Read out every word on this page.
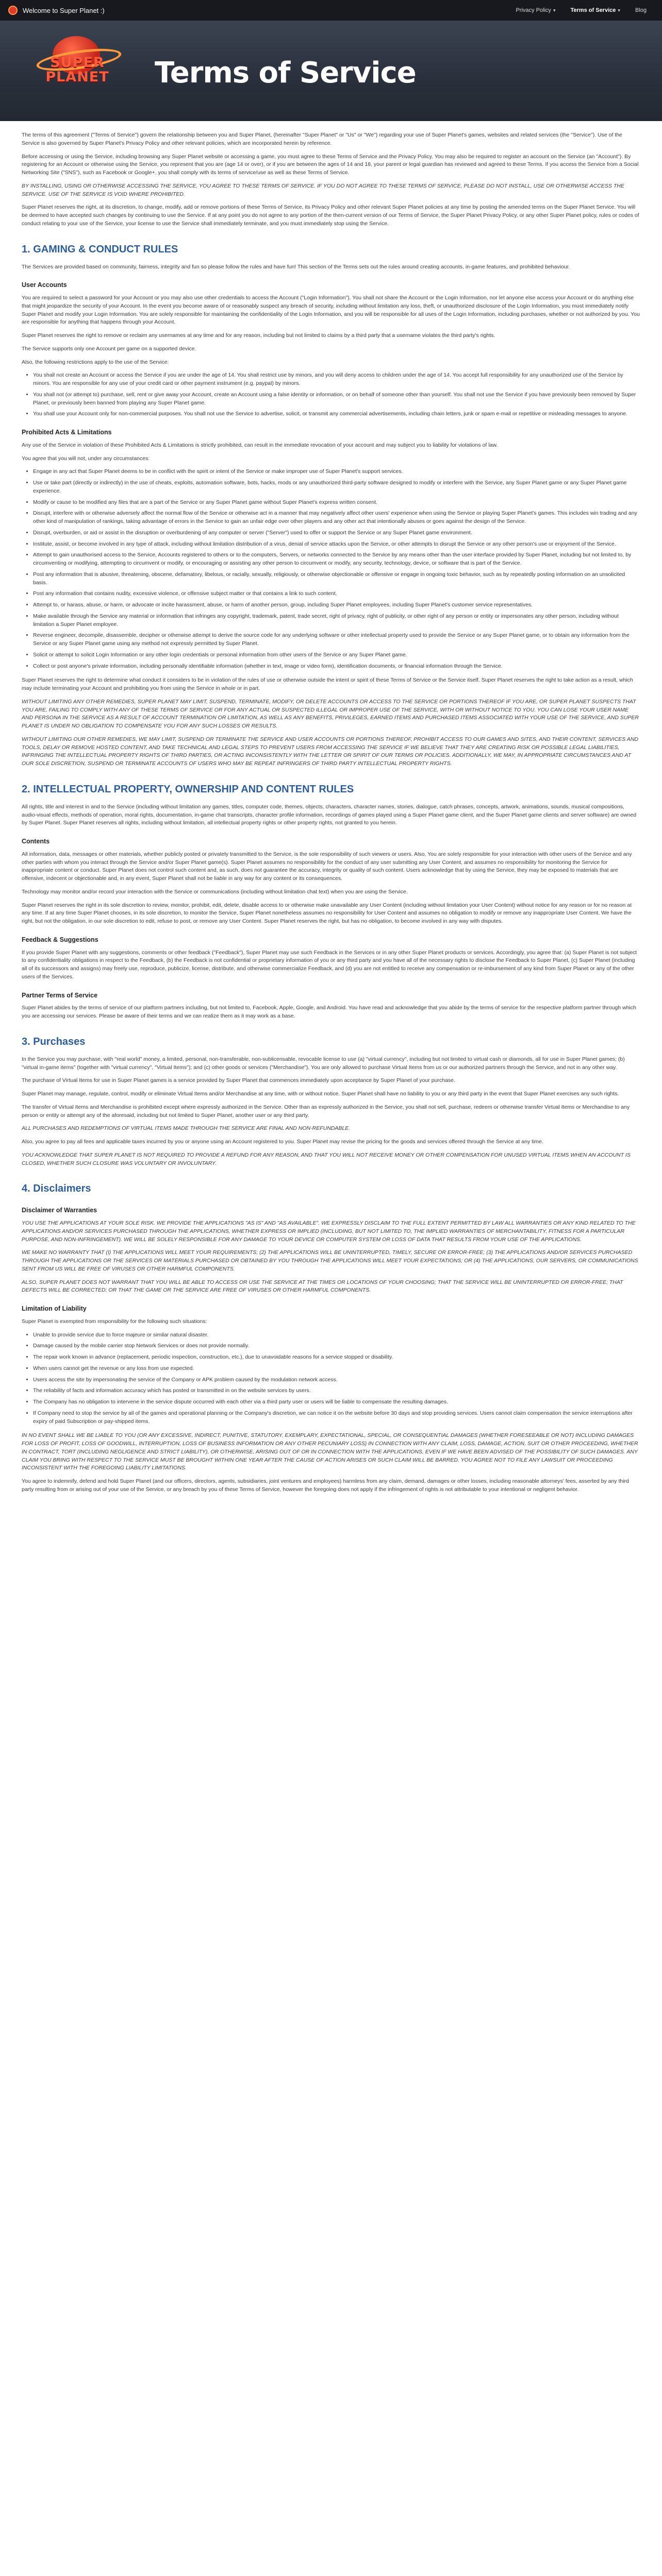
Welcome to Super Planet :)	Privacy Policy ▾	Terms of Service ▾	Blog
SUPER
PLANET	Terms of Service

The terms of this agreement ("Terms of Service") govern the relationship between you and Super Planet, (hereinafter "Super Planet" or "Us" or "We") regarding your use of Super Planet's games, websites and related services (the "Service"). Use of the Service is also governed by Super Planet's Privacy Policy and other relevant policies, which are incorporated herein by reference.

Before accessing or using the Service, including browsing any Super Planet website or accessing a game, you must agree to these Terms of Service and the Privacy Policy. You may also be required to register an account on the Service (an "Account"). By registering for an Account or otherwise using the Service, you represent that you are (age 14 or over), or if you are between the ages of 14 and 18, your parent or legal guardian has reviewed and agreed to these Terms. If you access the Service from a Social Networking Site ("SNS"), such as Facebook or Google+, you shall comply with its terms of service/use as well as these Terms of Service.

BY INSTALLING, USING OR OTHERWISE ACCESSING THE SERVICE, YOU AGREE TO THESE TERMS OF SERVICE. IF YOU DO NOT AGREE TO THESE TERMS OF SERVICE, PLEASE DO NOT INSTALL, USE OR OTHERWISE ACCESS THE SERVICE. USE OF THE SERVICE IS VOID WHERE PROHIBITED.

Super Planet reserves the right, at its discretion, to change, modify, add or remove portions of these Terms of Service, its Privacy Policy and other relevant Super Planet policies at any time by posting the amended terms on the Super Planet Service. You will be deemed to have accepted such changes by continuing to use the Service. If at any point you do not agree to any portion of the then-current version of our Terms of Service, the Super Planet Privacy Policy, or any other Super Planet policy, rules or codes of conduct relating to your use of the Service, your license to use the Service shall immediately terminate, and you must immediately stop using the Service.

1. GAMING & CONDUCT RULES

The Services are provided based on community, fairness, integrity and fun so please follow the rules and have fun! This section of the Terms sets out the rules around creating accounts, in-game features, and prohibited behaviour.

User Accounts

You are required to select a password for your Account or you may also use other credentials to access the Account ("Login Information"). You shall not share the Account or the Login Information, nor let anyone else access your Account or do anything else that might jeopardize the security of your Account. In the event you become aware of or reasonably suspect any breach of security, including without limitation any loss, theft, or unauthorized disclosure of the Login Information, you must immediately notify Super Planet and modify your Login Information. You are solely responsible for maintaining the confidentiality of the Login Information, and you will be responsible for all uses of the Login Information, including purchases, whether or not authorized by you. You are responsible for anything that happens through your Account.

Super Planet reserves the right to remove or reclaim any usernames at any time and for any reason, including but not limited to claims by a third party that a username violates the third party's rights.

The Service supports only one Account per game on a supported device.

Also, the following restrictions apply to the use of the Service:

• You shall not create an Account or access the Service if you are under the age of 14. You shall restrict use by minors, and you will deny access to children under the age of 14. You accept full responsibility for any unauthorized use of the Service by minors. You are responsible for any use of your credit card or other payment instrument (e.g. paypal) by minors.
• You shall not (or attempt to) purchase, sell, rent or give away your Account, create an Account using a false identity or information, or on behalf of someone other than yourself. You shall not use the Service if you have previously been removed by Super Planet, or previously been banned from playing any Super Planet game.
• You shall use your Account only for non-commercial purposes. You shall not use the Service to advertise, solicit, or transmit any commercial advertisements, including chain letters, junk or spam e-mail or repetitive or misleading messages to anyone.
Prohibited Acts & Limitations

Any use of the Service in violation of these Prohibited Acts & Limitations is strictly prohibited, can result in the immediate revocation of your account and may subject you to liability for violations of law.

You agree that you will not, under any circumstances:

• Engage in any act that Super Planet deems to be in conflict with the spirit or intent of the Service or make improper use of Super Planet's support services.
• Use or take part (directly or indirectly) in the use of cheats, exploits, automation software, bots, hacks, mods or any unauthorized third-party software designed to modify or interfere with the Service, any Super Planet game or any Super Planet game experience.
• Modify or cause to be modified any files that are a part of the Service or any Super Planet game without Super Planet's express written consent.
• Disrupt, interfere with or otherwise adversely affect the normal flow of the Service or otherwise act in a manner that may negatively affect other users' experience when using the Service or playing Super Planet's games. This includes win trading and any other kind of manipulation of rankings, taking advantage of errors in the Service to gain an unfair edge over other players and any other act that intentionally abuses or goes against the design of the Service.
• Disrupt, overburden, or aid or assist in the disruption or overburdening of any computer or server ("Server") used to offer or support the Service or any Super Planet game environment.
• Institute, assist, or become involved in any type of attack, including without limitation distribution of a virus, denial of service attacks upon the Service, or other attempts to disrupt the Service or any other person's use or enjoyment of the Service.
• Attempt to gain unauthorised access to the Service, Accounts registered to others or to the computers, Servers, or networks connected to the Service by any means other than the user interface provided by Super Planet, including but not limited to, by circumventing or modifying, attempting to circumvent or modify, or encouraging or assisting any other person to circumvent or modify, any security, technology, device, or software that is part of the Service.
• Post any information that is abusive, threatening, obscene, defamatory, libelous, or racially, sexually, religiously, or otherwise objectionable or offensive or engage in ongoing toxic behavior, such as by repeatedly posting information on an unsolicited basis.
• Post any information that contains nudity, excessive violence, or offensive subject matter or that contains a link to such content.
• Attempt to, or harass, abuse, or harm, or advocate or incite harassment, abuse, or harm of another person, group, including Super Planet employees, including Super Planet's customer service representatives.
• Make available through the Service any material or information that infringes any copyright, trademark, patent, trade secret, right of privacy, right of publicity, or other right of any person or entity or impersonates any other person, including without limitation a Super Planet employee.
• Reverse engineer, decompile, disassemble, decipher or otherwise attempt to derive the source code for any underlying software or other intellectual property used to provide the Service or any Super Planet game, or to obtain any information from the Service or any Super Planet game using any method not expressly permitted by Super Planet.
• Solicit or attempt to solicit Login Information or any other login credentials or personal information from other users of the Service or any Super Planet game.
• Collect or post anyone's private information, including personally identifiable information (whether in text, image or video form), identification documents, or financial information through the Service.

Super Planet reserves the right to determine what conduct it considers to be in violation of the rules of use or otherwise outside the intent or spirit of these Terms of Service or the Service itself. Super Planet reserves the right to take action as a result, which may include terminating your Account and prohibiting you from using the Service in whole or in part.

WITHOUT LIMITING ANY OTHER REMEDIES, SUPER PLANET MAY LIMIT, SUSPEND, TERMINATE, MODIFY, OR DELETE ACCOUNTS OR ACCESS TO THE SERVICE OR PORTIONS THEREOF IF YOU ARE, OR SUPER PLANET SUSPECTS THAT YOU ARE, FAILING TO COMPLY WITH ANY OF THESE TERMS OF SERVICE OR FOR ANY ACTUAL OR SUSPECTED ILLEGAL OR IMPROPER USE OF THE SERVICE, WITH OR WITHOUT NOTICE TO YOU. YOU CAN LOSE YOUR USER NAME AND PERSONA IN THE SERVICE AS A RESULT OF ACCOUNT TERMINATION OR LIMITATION, AS WELL AS ANY BENEFITS, PRIVILEGES, EARNED ITEMS AND PURCHASED ITEMS ASSOCIATED WITH YOUR USE OF THE SERVICE, AND SUPER PLANET IS UNDER NO OBLIGATION TO COMPENSATE YOU FOR ANY SUCH LOSSES OR RESULTS.

WITHOUT LIMITING OUR OTHER REMEDIES, WE MAY LIMIT, SUSPEND OR TERMINATE THE SERVICE AND USER ACCOUNTS OR PORTIONS THEREOF, PROHIBIT ACCESS TO OUR GAMES AND SITES, AND THEIR CONTENT, SERVICES AND TOOLS, DELAY OR REMOVE HOSTED CONTENT, AND TAKE TECHNICAL AND LEGAL STEPS TO PREVENT USERS FROM ACCESSING THE SERVICE IF WE BELIEVE THAT THEY ARE CREATING RISK OR POSSIBLE LEGAL LIABILITIES, INFRINGING THE INTELLECTUAL PROPERTY RIGHTS OF THIRD PARTIES, OR ACTING INCONSISTENTLY WITH THE LETTER OR SPIRIT OF OUR TERMS OR POLICIES. ADDITIONALLY, WE MAY, IN APPROPRIATE CIRCUMSTANCES AND AT OUR SOLE DISCRETION, SUSPEND OR TERMINATE ACCOUNTS OF USERS WHO MAY BE REPEAT INFRINGERS OF THIRD PARTY INTELLECTUAL PROPERTY RIGHTS.

2. INTELLECTUAL PROPERTY, OWNERSHIP AND CONTENT RULES

All rights, title and interest in and to the Service (including without limitation any games, titles, computer code, themes, objects, characters, character names, stories, dialogue, catch phrases, concepts, artwork, animations, sounds, musical compositions, audio-visual effects, methods of operation, moral rights, documentation, in-game chat transcripts, character profile information, recordings of games played using a Super Planet game client, and the Super Planet game clients and server software) are owned by Super Planet. Super Planet reserves all rights, including without limitation, all intellectual property rights or other property rights, not granted to you herein.

Contents

All information, data, messages or other materials, whether publicly posted or privately transmitted to the Service, is the sole responsibility of such viewers or users. Also, You are solely responsible for your interaction with other users of the Service and any other parties with whom you interact through the Service and/or Super Planet game(s). Super Planet assumes no responsibility for the conduct of any user submitting any User Content, and assumes no responsibility for monitoring the Service for inappropriate content or conduct. Super Planet does not control such content and, as such, does not guarantee the accuracy, integrity or quality of such content. Users acknowledge that by using the Service, they may be exposed to materials that are offensive, indecent or objectionable and, in any event, Super Planet shall not be liable in any way for any content or its consequences.

Technology may monitor and/or record your interaction with the Service or communications (including without limitation chat text) when you are using the Service.

Super Planet reserves the right in its sole discretion to review, monitor, prohibit, edit, delete, disable access to or otherwise make unavailable any User Content (including without limitation your User Content) without notice for any reason or for no reason at any time. If at any time Super Planet chooses, in its sole discretion, to monitor the Service, Super Planet nonetheless assumes no responsibility for User Content and assumes no obligation to modify or remove any inappropriate User Content. We have the right, but not the obligation, in our sole discretion to edit, refuse to post, or remove any User Content. Super Planet reserves the right, but has no obligation, to become involved in any way with disputes.

Feedback & Suggestions

If you provide Super Planet with any suggestions, comments or other feedback ("Feedback"), Super Planet may use such Feedback in the Services or in any other Super Planet products or services. Accordingly, you agree that: (a) Super Planet is not subject to any confidentiality obligations in respect to the Feedback, (b) the Feedback is not confidential or proprietary information of you or any third party and you have all of the necessary rights to disclose the Feedback to Super Planet, (c) Super Planet (including all of its successors and assigns) may freely use, reproduce, publicize, license, distribute, and otherwise commercialize Feedback, and (d) you are not entitled to receive any compensation or re-imbursement of any kind from Super Planet or any of the other users of the Services.

Partner Terms of Service

Super Planet abides by the terms of service of our platform partners including, but not limited to, Facebook, Apple, Google, and Android. You have read and acknowledge that you abide by the terms of service for the respective platform partner through which you are accessing our services. Please be aware of their terms and we can realize them as it may work as a base.

3. Purchases

In the Service you may purchase, with "real world" money, a limited, personal, non-transferable, non-sublicensable, revocable license to use (a) "virtual currency", including but not limited to virtual cash or diamonds, all for use in Super Planet games; (b) "virtual in-game items" (together with "virtual currency", "Virtual Items"); and (c) other goods or services ("Merchandise"). You are only allowed to purchase Virtual Items from us or our authorized partners through the Service, and not in any other way.

The purchase of Virtual Items for use in Super Planet games is a service provided by Super Planet that commences immediately upon acceptance by Super Planet of your purchase.

Super Planet may manage, regulate, control, modify or eliminate Virtual Items and/or Merchandise at any time, with or without notice. Super Planet shall have no liability to you or any third party in the event that Super Planet exercises any such rights.

The transfer of Virtual Items and Merchandise is prohibited except where expressly authorized in the Service. Other than as expressly authorized in the Service, you shall not sell, purchase, redeem or otherwise transfer Virtual Items or Merchandise to any person or entity or attempt any of the aforesaid, including but not limited to Super Planet, another user or any third party.

ALL PURCHASES AND REDEMPTIONS OF VIRTUAL ITEMS MADE THROUGH THE SERVICE ARE FINAL AND NON-REFUNDABLE.

Also, you agree to pay all fees and applicable taxes incurred by you or anyone using an Account registered to you. Super Planet may revise the pricing for the goods and services offered through the Service at any time.

YOU ACKNOWLEDGE THAT SUPER PLANET IS NOT REQUIRED TO PROVIDE A REFUND FOR ANY REASON, AND THAT YOU WILL NOT RECEIVE MONEY OR OTHER COMPENSATION FOR UNUSED VIRTUAL ITEMS WHEN AN ACCOUNT IS CLOSED, WHETHER SUCH CLOSURE WAS VOLUNTARY OR INVOLUNTARY.

4. Disclaimers
Disclaimer of Warranties

YOU USE THE APPLICATIONS AT YOUR SOLE RISK. WE PROVIDE THE APPLICATIONS "AS IS" AND "AS AVAILABLE". WE EXPRESSLY DISCLAIM TO THE FULL EXTENT PERMITTED BY LAW ALL WARRANTIES OR ANY KIND RELATED TO THE APPLICATIONS AND/OR SERVICES PURCHASED THROUGH THE APPLICATIONS, WHETHER EXPRESS OR IMPLIED (INCLUDING, BUT NOT LIMITED TO, THE IMPLIED WARRANTIES OF MERCHANTABILITY, FITNESS FOR A PARTICULAR PURPOSE, AND NON-INFRINGEMENT). WE WILL BE SOLELY RESPONSIBLE FOR ANY DAMAGE TO YOUR DEVICE OR COMPUTER SYSTEM OR LOSS OF DATA THAT RESULTS FROM YOUR USE OF THE APPLICATIONS.

WE MAKE NO WARRANTY THAT (I) THE APPLICATIONS WILL MEET YOUR REQUIREMENTS; (2) THE APPLICATIONS WILL BE UNINTERRUPTED, TIMELY, SECURE OR ERROR-FREE; (3) THE APPLICATIONS AND/OR SERVICES PURCHASED THROUGH THE APPLICATIONS OR THE SERVICES OR MATERIALS PURCHASED OR OBTAINED BY YOU THROUGH THE APPLICATIONS WILL MEET YOUR EXPECTATIONS; OR (4) THE APPLICATIONS, OUR SERVERS, OR COMMUNICATIONS SENT FROM US WILL BE FREE OF VIRUSES OR OTHER HARMFUL COMPONENTS.

ALSO, SUPER PLANET DOES NOT WARRANT THAT YOU WILL BE ABLE TO ACCESS OR USE THE SERVICE AT THE TIMES OR LOCATIONS OF YOUR CHOOSING; THAT THE SERVICE WILL BE UNINTERRUPTED OR ERROR-FREE; THAT DEFECTS WILL BE CORRECTED; OR THAT THE GAME OR THE SERVICE ARE FREE OF VIRUSES OR OTHER HARMFUL COMPONENTS.

Limitation of Liability

Super Planet is exempted from responsibility for the following such situations:

• Unable to provide service due to force majeure or similar natural disaster.
• Damage caused by the mobile carrier stop Network Services or does not provide normally.
• The repair work known in advance (replacement, periodic inspection, construction, etc.), due to unavoidable reasons for a service stopped or disability.
• When users cannot get the revenue or any loss from use expected.
• Users access the site by impersonating the service of the Company or APK problem caused by the modulation network access.
• The reliability of facts and information accuracy which has posted or transmitted in on the website services by users.
• The Company has no obligation to intervene in the service dispute occurred with each other via a third party user or users will be liable to compensate the resulting damages.
• If Company need to stop the service by all of the games and operational planning or the Company's discretion, we can notice it on the website before 30 days and stop providing services. Users cannot claim compensation the service interruptions after expiry of paid Subscription or pay-shipped items.

IN NO EVENT SHALL WE BE LIABLE TO YOU (OR ANY EXCESSIVE, INDIRECT, PUNITIVE, STATUTORY, EXEMPLARY, EXPECTATIONAL, SPECIAL, OR CONSEQUENTIAL DAMAGES (WHETHER FORESEEABLE OR NOT) INCLUDING DAMAGES FOR LOSS OF PROFIT, LOSS OF GOODWILL, INTERRUPTION, LOSS OF BUSINESS INFORMATION OR ANY OTHER PECUNIARY LOSS) IN CONNECTION WITH ANY CLAIM, LOSS, DAMAGE, ACTION, SUIT OR OTHER PROCEEDING, WHETHER IN CONTRACT, TORT (INCLUDING NEGLIGENCE AND STRICT LIABILITY), OR OTHERWISE, ARISING OUT OF OR IN CONNECTION WITH THE APPLICATIONS, EVEN IF WE HAVE BEEN ADVISED OF THE POSSIBILITY OF SUCH DAMAGES. ANY CLAIM YOU BRING WITH RESPECT TO THE SERVICE MUST BE BROUGHT WITHIN ONE YEAR AFTER THE CAUSE OF ACTION ARISES OR SUCH CLAIM WILL BE BARRED. YOU AGREE NOT TO FILE ANY LAWSUIT OR PROCEEDING INCONSISTENT WITH THE FOREGOING LIABILITY LIMITATIONS.

You agree to indemnify, defend and hold Super Planet (and our officers, directors, agents, subsidiaries, joint ventures and employees) harmless from any claim, demand, damages or other losses, including reasonable attorneys' fees, asserted by any third party resulting from or arising out of your use of the Service, or any breach by you of these Terms of Service, however the foregoing does not apply if the infringement of rights is not attributable to your intentional or negligent behavior.
